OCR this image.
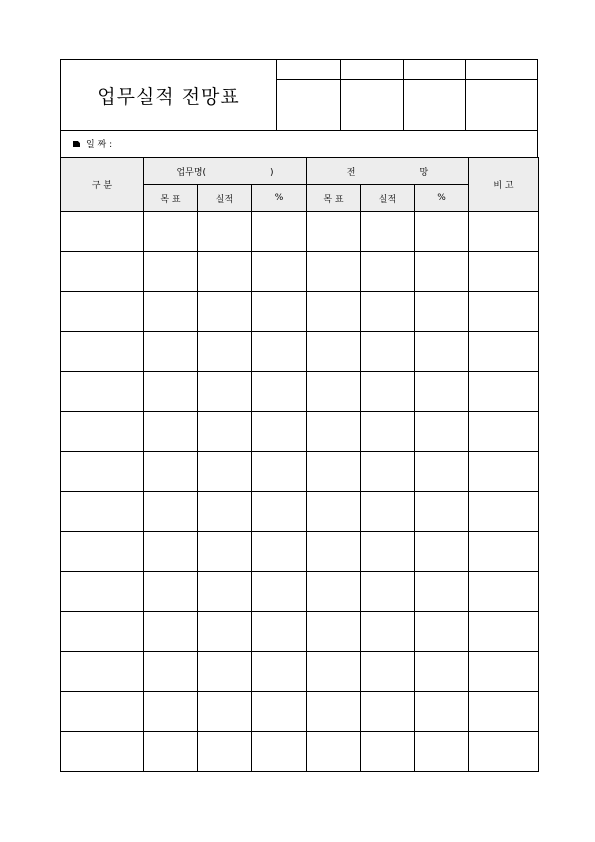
업무실적 전망표
일 짜 :
구 분	업무명( )			전 망			비 고
	목 표	실적	%	목 표	실적	%	
